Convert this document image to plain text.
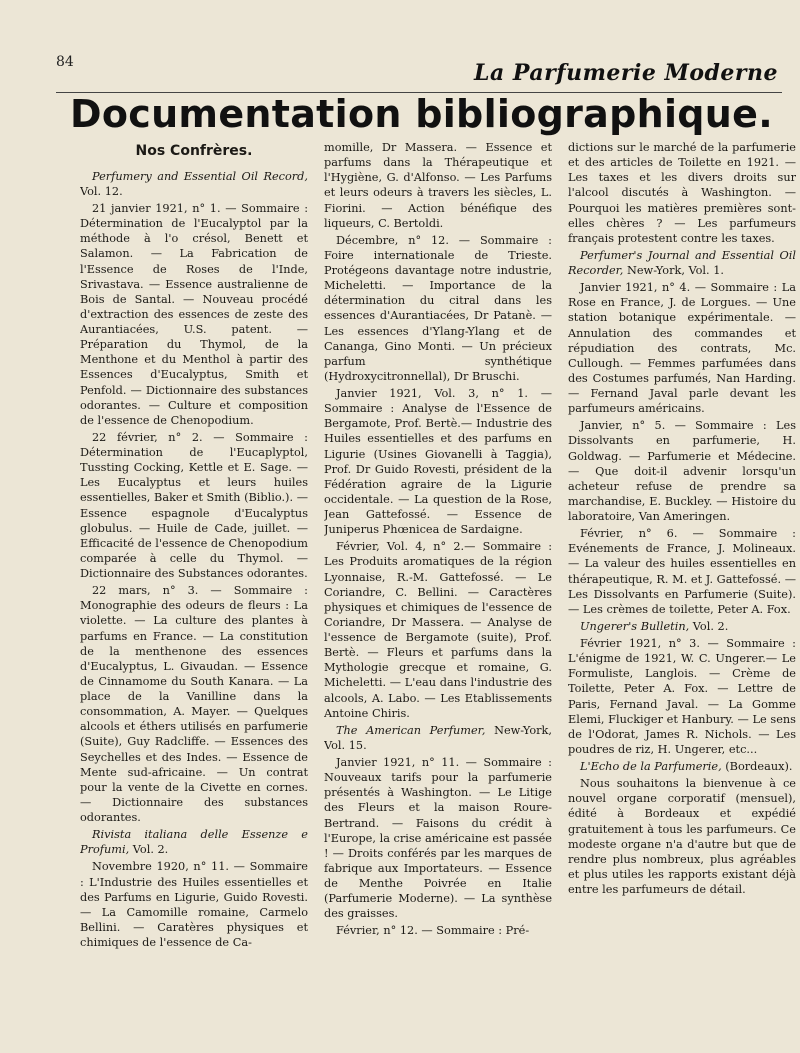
84	La Parfumerie Moderne
Documentation bibliographique.
Nos Confrères.

Perfumery and Essential Oil Record, Vol. 12.

21 janvier 1921, n° 1. — Sommaire : Détermination de l'Eucalyptol par la méthode à l'o crésol, Benett et Salamon. — La Fabrication de l'Essence de Roses de l'Inde, Srivastava. — Essence australienne de Bois de Santal. — Nouveau procédé d'extraction des essences de zeste des Aurantiacées, U.S. patent. — Préparation du Thymol, de la Menthone et du Menthol à partir des Essences d'Eucalyptus, Smith et Penfold. — Dictionnaire des substances odorantes. — Culture et composition de l'essence de Chenopodium.

22 février, n° 2. — Sommaire : Détermination de l'Eucaplyptol, Tussting Cocking, Kettle et E. Sage. — Les Eucalyptus et leurs huiles essentielles, Baker et Smith (Biblio.). — Essence espagnole d'Eucalyptus globulus. — Huile de Cade, juillet. — Efficacité de l'essence de Chenopodium comparée à celle du Thymol. — Dictionnaire des Substances odorantes.

22 mars, n° 3. — Sommaire : Monographie des odeurs de fleurs : La violette. — La culture des plantes à parfums en France. — La constitution de la menthenone des essences d'Eucalyptus, L. Givaudan. — Essence de Cinnamome du South Kanara. — La place de la Vanilline dans la consommation, A. Mayer. — Quelques alcools et éthers utilisés en parfumerie (Suite), Guy Radcliffe. — Essences des Seychelles et des Indes. — Essence de Mente sud-africaine. — Un contrat pour la vente de la Civette en cornes. — Dictionnaire des substances odorantes.

Rivista italiana delle Essenze e Profumi, Vol. 2.

Novembre 1920, n° 11. — Sommaire : L'Industrie des Huiles essentielles et des Parfums en Ligurie, Guido Rovesti. — La Camomille romaine, Carmelo Bellini. — Caratères physiques et chimiques de l'essence de Ca-

momille, Dr Massera. — Essence et parfums dans la Thérapeutique et l'Hygiène, G. d'Alfonso. — Les Parfums et leurs odeurs à travers les siècles, L. Fiorini. — Action bénéfique des liqueurs, C. Bertoldi.

Décembre, n° 12. — Sommaire : Foire internationale de Trieste. Protégeons davantage notre industrie, Micheletti. — Importance de la détermination du citral dans les essences d'Aurantiacées, Dr Patanè. — Les essences d'Ylang-Ylang et de Cananga, Gino Monti. — Un précieux parfum synthétique (Hydroxycitronnellal), Dr Bruschi.

Janvier 1921, Vol. 3, n° 1. — Sommaire : Analyse de l'Essence de Bergamote, Prof. Bertè.— Industrie des Huiles essentielles et des parfums en Ligurie (Usines Giovanelli à Taggia), Prof. Dr Guido Rovesti, président de la Fédération agraire de la Ligurie occidentale. — La question de la Rose, Jean Gattefossé. — Essence de Juniperus Phœnicea de Sardaigne.

Février, Vol. 4, n° 2.— Sommaire : Les Produits aromatiques de la région Lyonnaise, R.-M. Gattefossé. — Le Coriandre, C. Bellini. — Caractères physiques et chimiques de l'essence de Coriandre, Dr Massera. — Analyse de l'essence de Bergamote (suite), Prof. Bertè. — Fleurs et parfums dans la Mythologie grecque et romaine, G. Micheletti. — L'eau dans l'industrie des alcools, A. Labo. — Les Etablissements Antoine Chiris.

The American Perfumer, New-York, Vol. 15.

Janvier 1921, n° 11. — Sommaire : Nouveaux tarifs pour la parfumerie présentés à Washington. — Le Litige des Fleurs et la maison Roure-Bertrand. — Faisons du crédit à l'Europe, la crise américaine est passée ! — Droits conférés par les marques de fabrique aux Importateurs. — Essence de Menthe Poivrée en Italie (Parfumerie Moderne). — La synthèse des graisses.

Février, n° 12. — Sommaire : Pré-

dictions sur le marché de la parfumerie et des articles de Toilette en 1921. — Les taxes et les divers droits sur l'alcool discutés à Washington. — Pourquoi les matières premières sont-elles chères ? — Les parfumeurs français protestent contre les taxes.

Perfumer's Journal and Essential Oil Recorder, New-York, Vol. 1.

Janvier 1921, n° 4. — Sommaire : La Rose en France, J. de Lorgues. — Une station botanique expérimentale. — Annulation des commandes et répudiation des contrats, Mc. Cullough. — Femmes parfumées dans des Costumes parfumés, Nan Harding. — Fernand Javal parle devant les parfumeurs américains.

Janvier, n° 5. — Sommaire : Les Dissolvants en parfumerie, H. Goldwag. — Parfumerie et Médecine. — Que doit-il advenir lorsqu'un acheteur refuse de prendre sa marchandise, E. Buckley. — Histoire du laboratoire, Van Ameringen.

Février, n° 6. — Sommaire : Evénements de France, J. Molineaux. — La valeur des huiles essentielles en thérapeutique, R. M. et J. Gattefossé. — Les Dissolvants en Parfumerie (Suite). — Les crèmes de toilette, Peter A. Fox.

Ungerer's Bulletin, Vol. 2.

Février 1921, n° 3. — Sommaire : L'énigme de 1921, W. C. Ungerer.— Le Formuliste, Langlois. — Crème de Toilette, Peter A. Fox. — Lettre de Paris, Fernand Javal. — La Gomme Elemi, Fluckiger et Hanbury. — Le sens de l'Odorat, James R. Nichols. — Les poudres de riz, H. Ungerer, etc...

L'Echo de la Parfumerie, (Bordeaux).

Nous souhaitons la bienvenue à ce nouvel organe corporatif (mensuel), édité à Bordeaux et expédié gratuitement à tous les parfumeurs. Ce modeste organe n'a d'autre but que de rendre plus nombreux, plus agréables et plus utiles les rapports existant déjà entre les parfumeurs de détail.
